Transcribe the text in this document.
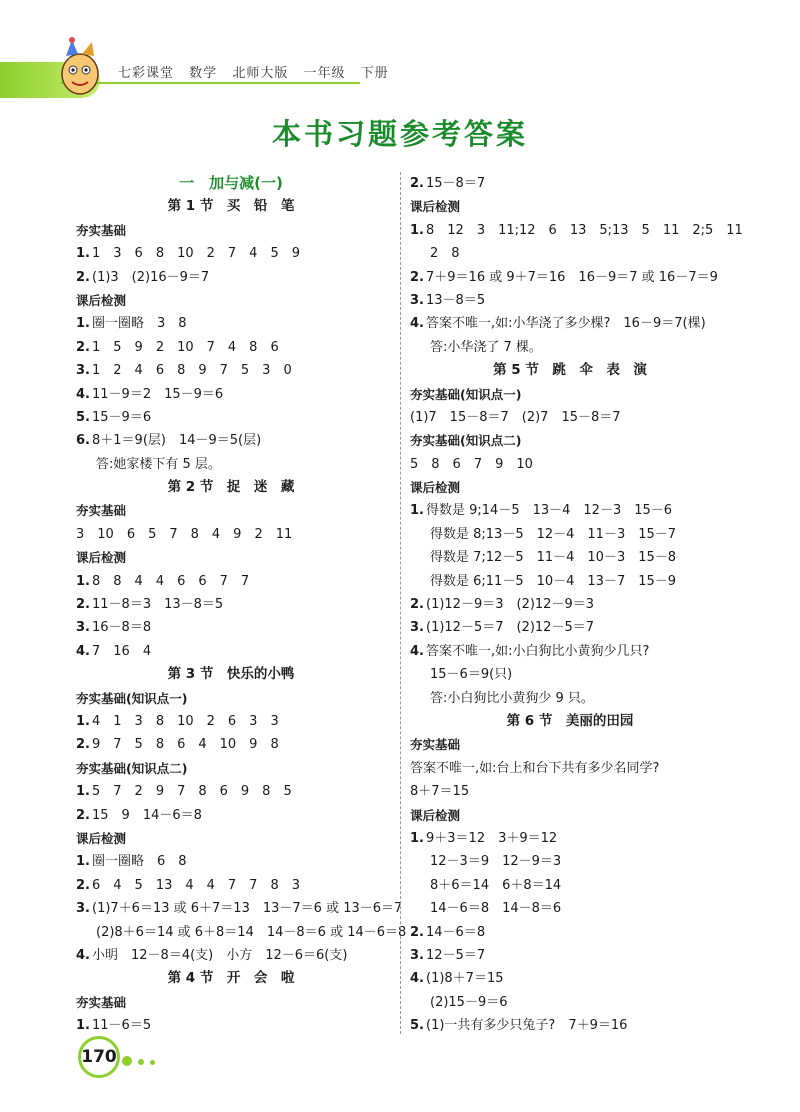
七彩课堂 数学 北师大版 一年级 下册
本书习题参考答案
一　加与减(一)
第 1 节　买　铅　笔
夯实基础
1. 1　3　6　8　10　2　7　4　5　9
2. (1)3　(2)16－9＝7
课后检测
1. 圈一圈略　3　8
2. 1　5　9　2　10　7　4　8　6
3. 1　2　4　6　8　9　7　5　3　0
4. 11－9＝2　15－9＝6
5. 15－9＝6
6. 8＋1＝9(层)　14－9＝5(层)
答:她家楼下有 5 层。
第 2 节　捉　迷　藏
夯实基础
3　10　6　5　7　8　4　9　2　11
课后检测
1. 8　8　4　4　6　6　7　7
2. 11－8＝3　13－8＝5
3. 16－8＝8
4. 7　16　4
第 3 节　快乐的小鸭
夯实基础(知识点一)
1. 4　1　3　8　10　2　6　3　3
2. 9　7　5　8　6　4　10　9　8
夯实基础(知识点二)
1. 5　7　2　9　7　8　6　9　8　5
2. 15　9　14－6＝8
课后检测
1. 圈一圈略　6　8
2. 6　4　5　13　4　4　7　7　8　3
3. (1)7＋6＝13 或 6＋7＝13　13－7＝6 或 13－6＝7
(2)8＋6＝14 或 6＋8＝14　14－8＝6 或 14－6＝8
4. 小明　12－8＝4(支)　小方　12－6＝6(支)
第 4 节　开　会　啦
夯实基础
1. 11－6＝5
2. 15－8＝7
课后检测
1. 8　12　3　11;12　6　13　5;13　5　11　2;5　11
2　8
2. 7＋9＝16 或 9＋7＝16　16－9＝7 或 16－7＝9
3. 13－8＝5
4. 答案不唯一,如:小华浇了多少棵?　16－9＝7(棵)
答:小华浇了 7 棵。
第 5 节　跳　伞　表　演
夯实基础(知识点一)
(1)7　15－8＝7　(2)7　15－8＝7
夯实基础(知识点二)
5　8　6　7　9　10
课后检测
1. 得数是 9;14－5　13－4　12－3　15－6
得数是 8;13－5　12－4　11－3　15－7
得数是 7;12－5　11－4　10－3　15－8
得数是 6;11－5　10－4　13－7　15－9
2. (1)12－9＝3　(2)12－9＝3
3. (1)12－5＝7　(2)12－5＝7
4. 答案不唯一,如:小白狗比小黄狗少几只?
15－6＝9(只)
答:小白狗比小黄狗少 9 只。
第 6 节　美丽的田园
夯实基础
答案不唯一,如:台上和台下共有多少名同学?
8＋7＝15
课后检测
1. 9＋3＝12　3＋9＝12
12－3＝9　12－9＝3
8＋6＝14　6＋8＝14
14－6＝8　14－8＝6
2. 14－6＝8
3. 12－5＝7
4. (1)8＋7＝15
(2)15－9＝6
5. (1)一共有多少只兔子?　7＋9＝16
170
